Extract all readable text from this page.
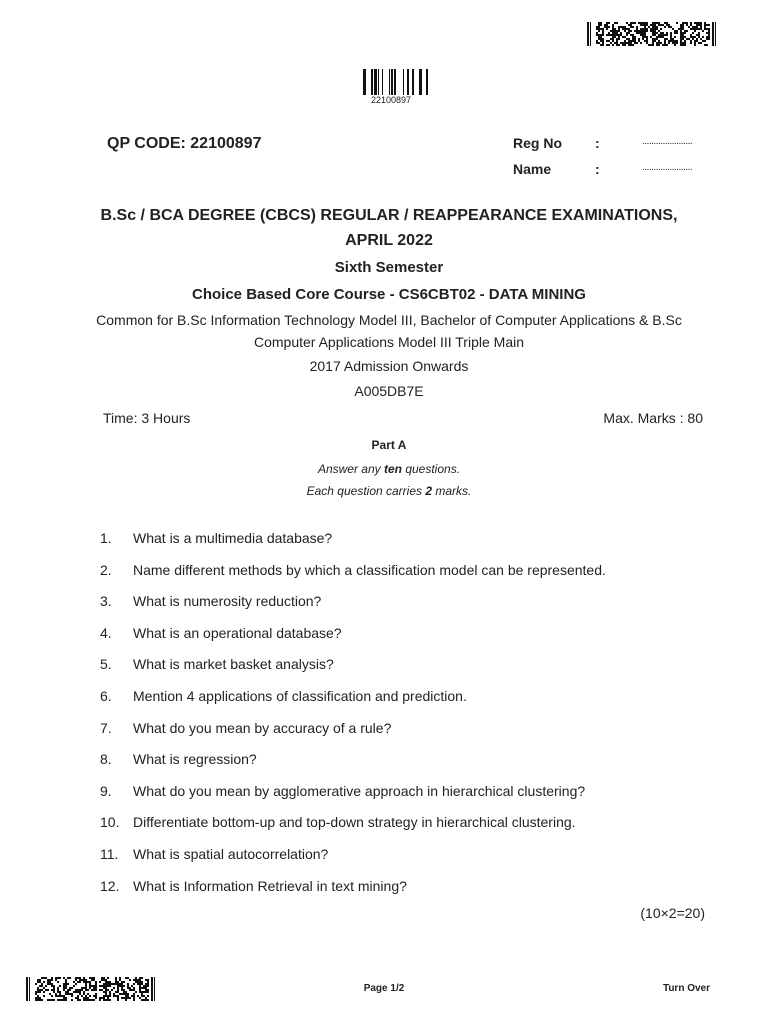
22100897
QP CODE: 22100897	Reg No :	......................
Name	:	......................
B.Sc / BCA DEGREE (CBCS) REGULAR / REAPPEARANCE EXAMINATIONS,
APRIL 2022
Sixth Semester
Choice Based Core Course - CS6CBT02 - DATA MINING
Common for B.Sc Information Technology Model III, Bachelor of Computer Applications & B.Sc
Computer Applications Model III Triple Main
2017 Admission Onwards
A005DB7E
Time: 3 Hours	Max. Marks : 80
Part A
Answer any ten questions.
Each question carries 2 marks.
1. What is a multimedia database?
2. Name different methods by which a classification model can be represented.
3. What is numerosity reduction?
4. What is an operational database?
5. What is market basket analysis?
6. Mention 4 applications of classification and prediction.
7. What do you mean by accuracy of a rule?
8. What is regression?
9. What do you mean by agglomerative approach in hierarchical clustering?
10. Differentiate bottom-up and top-down strategy in hierarchical clustering.
11. What is spatial autocorrelation?
12. What is Information Retrieval in text mining?
(10×2=20)
Page 1/2	Turn Over
